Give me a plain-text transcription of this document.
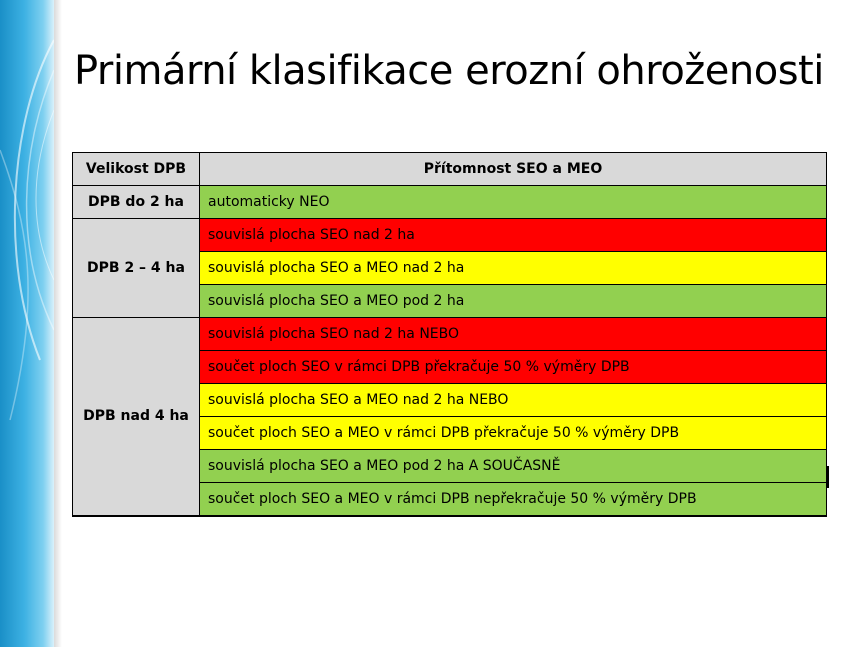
Primární klasifikace erozní ohroženosti
Velikost DPB	Přítomnost SEO a MEO
DPB do 2 ha	automaticky NEO
DPB 2 – 4 ha	souvislá plocha SEO nad 2 ha
	souvislá plocha SEO a MEO nad 2 ha
	souvislá plocha SEO a MEO pod 2 ha
DPB nad 4 ha	souvislá plocha SEO nad 2 ha NEBO
	součet ploch SEO v rámci DPB překračuje 50 % výměry DPB
	souvislá plocha SEO a MEO nad 2 ha NEBO
	součet ploch SEO a MEO v rámci DPB překračuje 50 % výměry DPB
	souvislá plocha SEO a MEO pod 2 ha A SOUČASNĚ
	součet ploch SEO a MEO v rámci DPB nepřekračuje 50 % výměry DPB
